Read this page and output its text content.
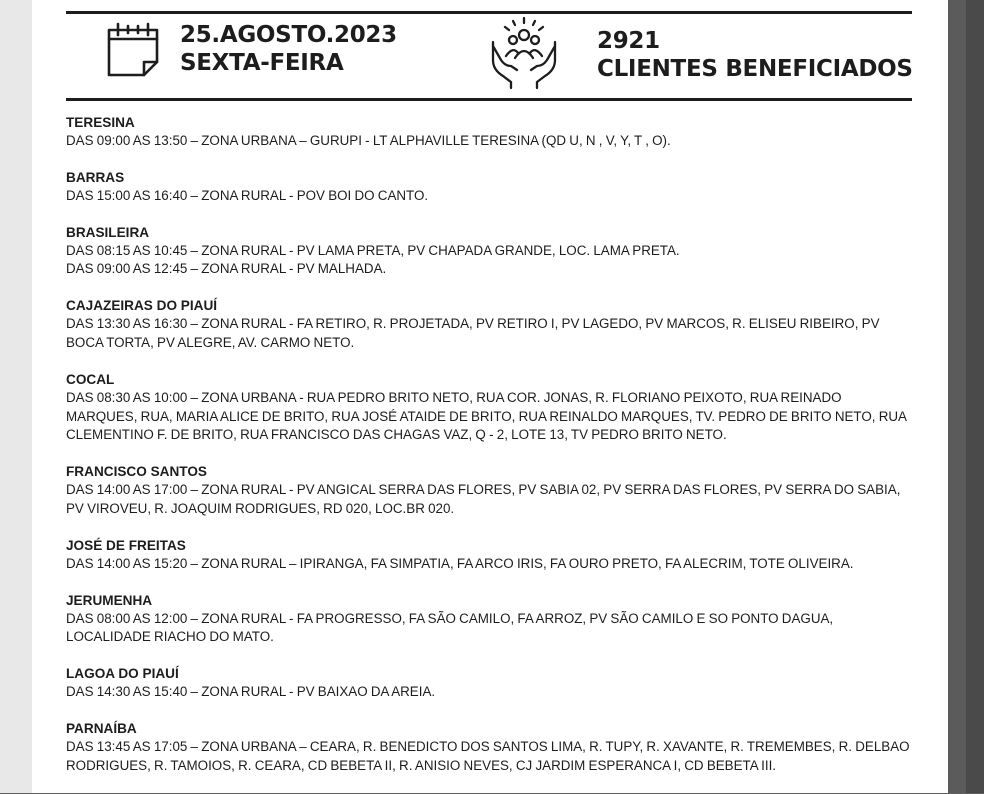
25.AGOSTO.2023
SEXTA-FEIRA
2921
CLIENTES BENEFICIADOS
TERESINA
DAS 09:00 AS 13:50 – ZONA URBANA – GURUPI - LT ALPHAVILLE TERESINA (QD U, N , V, Y, T , O).
BARRAS
DAS 15:00 AS 16:40 – ZONA RURAL - POV BOI DO CANTO.
BRASILEIRA
DAS 08:15 AS 10:45 – ZONA RURAL - PV LAMA PRETA, PV CHAPADA GRANDE, LOC. LAMA PRETA.
DAS 09:00 AS 12:45 – ZONA RURAL - PV MALHADA.
CAJAZEIRAS DO PIAUÍ
DAS 13:30 AS 16:30 – ZONA RURAL - FA RETIRO, R. PROJETADA, PV RETIRO I, PV LAGEDO, PV MARCOS, R. ELISEU RIBEIRO, PV BOCA TORTA, PV ALEGRE, AV. CARMO NETO.
COCAL
DAS 08:30 AS 10:00 – ZONA URBANA - RUA PEDRO BRITO NETO, RUA COR. JONAS, R. FLORIANO PEIXOTO, RUA REINADO MARQUES, RUA, MARIA ALICE DE BRITO, RUA JOSÉ ATAIDE DE BRITO, RUA REINALDO MARQUES, TV. PEDRO DE BRITO NETO, RUA CLEMENTINO F. DE BRITO, RUA FRANCISCO DAS CHAGAS VAZ, Q - 2, LOTE 13, TV PEDRO BRITO NETO.
FRANCISCO SANTOS
DAS 14:00 AS 17:00 – ZONA RURAL - PV ANGICAL SERRA DAS FLORES, PV SABIA 02, PV SERRA DAS FLORES, PV SERRA DO SABIA, PV VIROVEU, R. JOAQUIM RODRIGUES, RD 020, LOC.BR 020.
JOSÉ DE FREITAS
DAS 14:00 AS 15:20 – ZONA RURAL – IPIRANGA, FA SIMPATIA, FA ARCO IRIS, FA OURO PRETO, FA ALECRIM, TOTE OLIVEIRA.
JERUMENHA
DAS 08:00 AS 12:00 – ZONA RURAL - FA PROGRESSO, FA SÃO CAMILO, FA ARROZ, PV SÃO CAMILO E SO PONTO DAGUA, LOCALIDADE RIACHO DO MATO.
LAGOA DO PIAUÍ
DAS 14:30 AS 15:40 – ZONA RURAL - PV BAIXAO DA AREIA.
PARNAÍBA
DAS 13:45 AS 17:05 – ZONA URBANA – CEARA, R. BENEDICTO DOS SANTOS LIMA, R. TUPY, R. XAVANTE, R. TREMEMBES, R. DELBAO RODRIGUES, R. TAMOIOS, R. CEARA, CD BEBETA II, R. ANISIO NEVES, CJ JARDIM ESPERANCA I, CD BEBETA III.
